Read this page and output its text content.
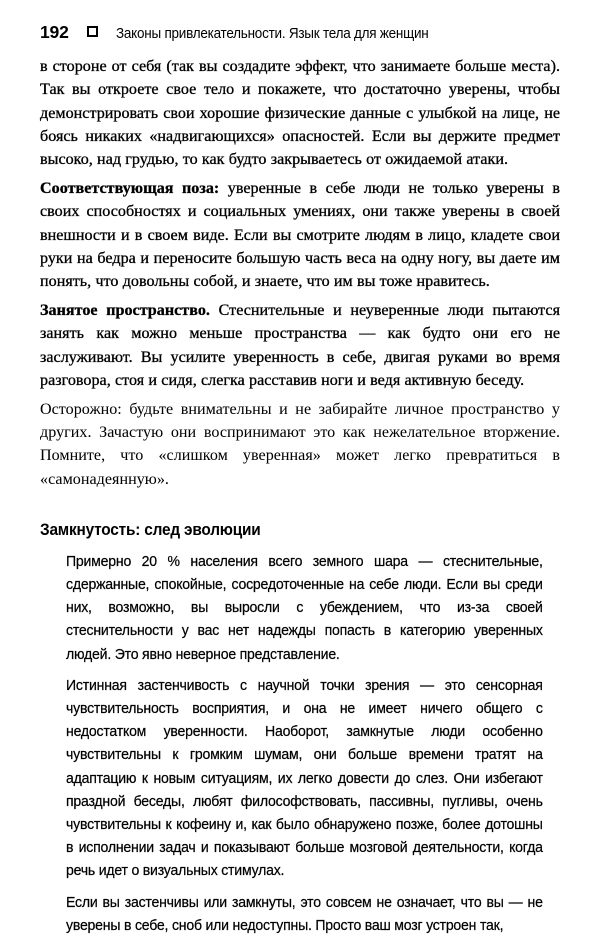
192	Законы привлекательности. Язык тела для женщин

в стороне от себя (так вы создадите эффект, что занимаете больше места). Так вы откроете свое тело и покажете, что достаточно уверены, чтобы демонстрировать свои хорошие физические данные с улыбкой на лице, не боясь никаких «надвигающихся» опасностей. Если вы держите предмет высоко, над грудью, то как будто закрываетесь от ожидаемой атаки.

Соответствующая поза: уверенные в себе люди не только уверены в своих способностях и социальных умениях, они также уверены в своей внешности и в своем виде. Если вы смотрите людям в лицо, кладете свои руки на бедра и переносите большую часть веса на одну ногу, вы даете им понять, что довольны собой, и знаете, что им вы тоже нравитесь.

Занятое пространство. Стеснительные и неуверенные люди пытаются занять как можно меньше пространства — как будто они его не заслуживают. Вы усилите уверенность в себе, двигая руками во время разговора, стоя и сидя, слегка расставив ноги и ведя активную беседу.

Осторожно: будьте внимательны и не забирайте личное пространство у других. Зачастую они воспринимают это как нежелательное вторжение. Помните, что «слишком уверенная» может легко превратиться в «самонадеянную».

Замкнутость: след эволюции

Примерно 20 % населения всего земного шара — стеснительные, сдержанные, спокойные, сосредоточенные на себе люди. Если вы среди них, возможно, вы выросли с убеждением, что из-за своей стеснительности у вас нет надежды попасть в категорию уверенных людей. Это явно неверное представление.

Истинная застенчивость с научной точки зрения — это сенсорная чувствительность восприятия, и она не имеет ничего общего с недостатком уверенности. Наоборот, замкнутые люди особенно чувствительны к громким шумам, они больше времени тратят на адаптацию к новым ситуациям, их легко довести до слез. Они избегают праздной беседы, любят философствовать, пассивны, пугливы, очень чувствительны к кофеину и, как было обнаружено позже, более дотошны в исполнении задач и показывают больше мозговой деятельности, когда речь идет о визуальных стимулах.

Если вы застенчивы или замкнуты, это совсем не означает, что вы — не уверены в себе, сноб или недоступны. Просто ваш мозг устроен так,
